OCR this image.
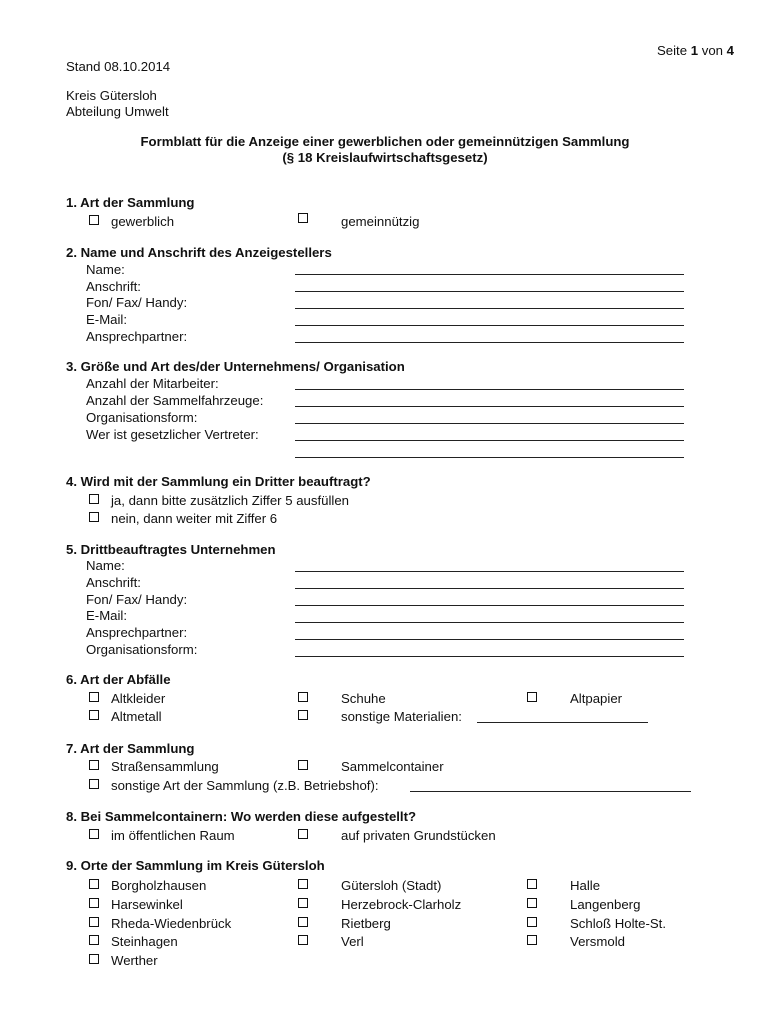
Seite 1 von 4
Stand 08.10.2014
Kreis Gütersloh
Abteilung Umwelt
Formblatt für die Anzeige einer gewerblichen oder gemeinnützigen Sammlung
(§ 18 Kreislaufwirtschaftsgesetz)
1. Art der Sammlung
gewerblich	gemeinnützig
2. Name und Anschrift des Anzeigestellers
Name:
Anschrift:
Fon/ Fax/ Handy:
E-Mail:
Ansprechpartner:
3. Größe und Art des/der Unternehmens/ Organisation
Anzahl der Mitarbeiter:
Anzahl der Sammelfahrzeuge:
Organisationsform:
Wer ist gesetzlicher Vertreter:
4. Wird mit der Sammlung ein Dritter beauftragt?
ja, dann bitte zusätzlich Ziffer 5 ausfüllen
nein, dann weiter mit Ziffer 6
5. Drittbeauftragtes Unternehmen
Name:
Anschrift:
Fon/ Fax/ Handy:
E-Mail:
Ansprechpartner:
Organisationsform:
6. Art der Abfälle
Altkleider	Schuhe	Altpapier
Altmetall	sonstige Materialien:
7. Art der Sammlung
Straßensammlung	Sammelcontainer
sonstige Art der Sammlung (z.B. Betriebshof):
8. Bei Sammelcontainern: Wo werden diese aufgestellt?
im öffentlichen Raum	auf privaten Grundstücken
9. Orte der Sammlung im Kreis Gütersloh
Borgholzhausen	Gütersloh (Stadt)	Halle
Harsewinkel	Herzebrock-Clarholz	Langenberg
Rheda-Wiedenbrück	Rietberg	Schloß Holte-St.
Steinhagen	Verl	Versmold
Werther
